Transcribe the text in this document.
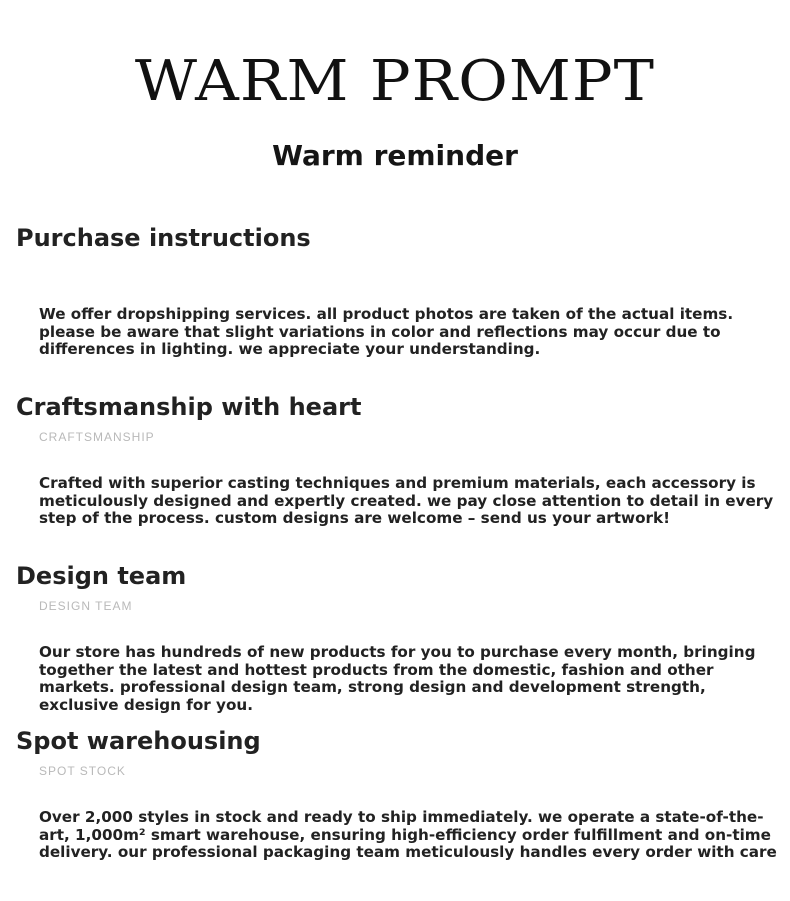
WARM PROMPT
Warm reminder
Purchase instructions

We offer dropshipping services. all product photos are taken of the actual items. please be aware that slight variations in color and reflections may occur due to differences in lighting. we appreciate your understanding.

Craftsmanship with heart
CRAFTSMANSHIP

Crafted with superior casting techniques and premium materials, each accessory is meticulously designed and expertly created. we pay close attention to detail in every step of the process. custom designs are welcome – send us your artwork!

Design team
DESIGN TEAM

Our store has hundreds of new products for you to purchase every month, bringing together the latest and hottest products from the domestic, fashion and other markets. professional design team, strong design and development strength, exclusive design for you.

Spot warehousing
SPOT STOCK

Over 2,000 styles in stock and ready to ship immediately. we operate a state-of-the-art, 1,000m² smart warehouse, ensuring high-efficiency order fulfillment and on-time delivery. our professional packaging team meticulously handles every order with care
